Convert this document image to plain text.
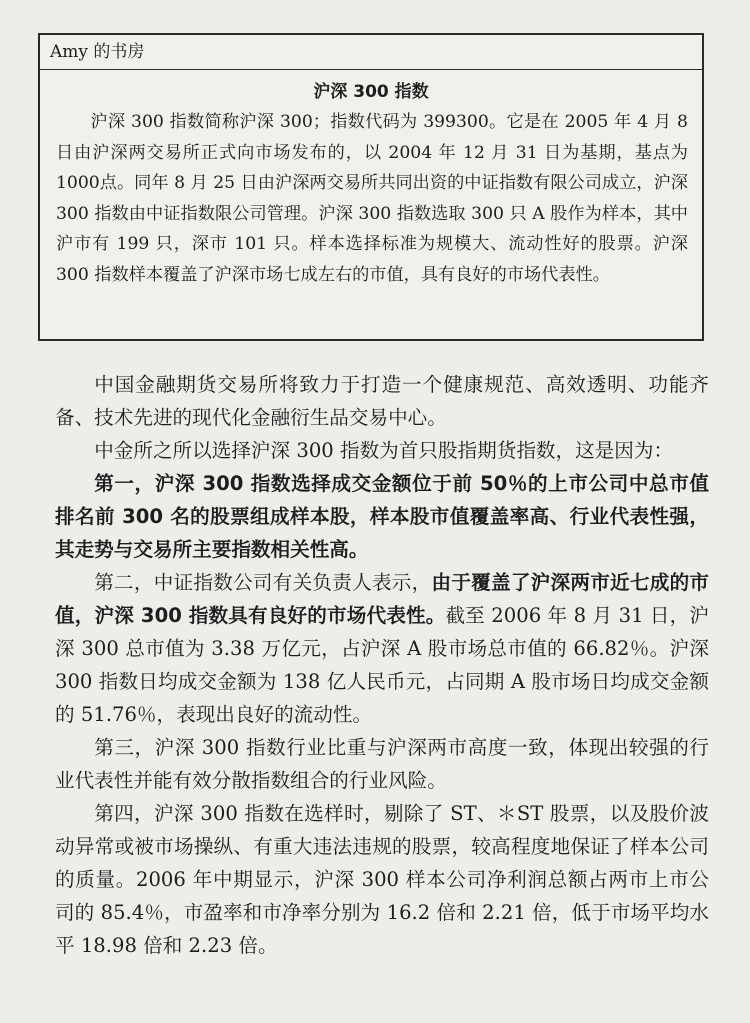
Amy 的书房
沪深 300 指数
沪深 300 指数简称沪深 300；指数代码为 399300。它是在 2005 年 4 月 8 日由沪深两交易所正式向市场发布的，以 2004 年 12 月 31 日为基期，基点为1000点。同年 8 月 25 日由沪深两交易所共同出资的中证指数有限公司成立，沪深 300 指数由中证指数限公司管理。沪深 300 指数选取 300 只 A 股作为样本，其中沪市有 199 只，深市 101 只。样本选择标准为规模大、流动性好的股票。沪深 300 指数样本覆盖了沪深市场七成左右的市值，具有良好的市场代表性。

中国金融期货交易所将致力于打造一个健康规范、高效透明、功能齐备、技术先进的现代化金融衍生品交易中心。

中金所之所以选择沪深 300 指数为首只股指期货指数，这是因为：

第一，沪深 300 指数选择成交金额位于前 50％的上市公司中总市值排名前 300 名的股票组成样本股，样本股市值覆盖率高、行业代表性强，其走势与交易所主要指数相关性高。

第二，中证指数公司有关负责人表示，由于覆盖了沪深两市近七成的市值，沪深 300 指数具有良好的市场代表性。截至 2006 年 8 月 31 日，沪深 300 总市值为 3.38 万亿元，占沪深 A 股市场总市值的 66.82％。沪深 300 指数日均成交金额为 138 亿人民币元，占同期 A 股市场日均成交金额的 51.76％，表现出良好的流动性。

第三，沪深 300 指数行业比重与沪深两市高度一致，体现出较强的行业代表性并能有效分散指数组合的行业风险。

第四，沪深 300 指数在选样时，剔除了 ST、＊ST 股票，以及股价波动异常或被市场操纵、有重大违法违规的股票，较高程度地保证了样本公司的质量。2006 年中期显示，沪深 300 样本公司净利润总额占两市上市公司的 85.4％，市盈率和市净率分别为 16.2 倍和 2.21 倍，低于市场平均水平 18.98 倍和 2.23 倍。
